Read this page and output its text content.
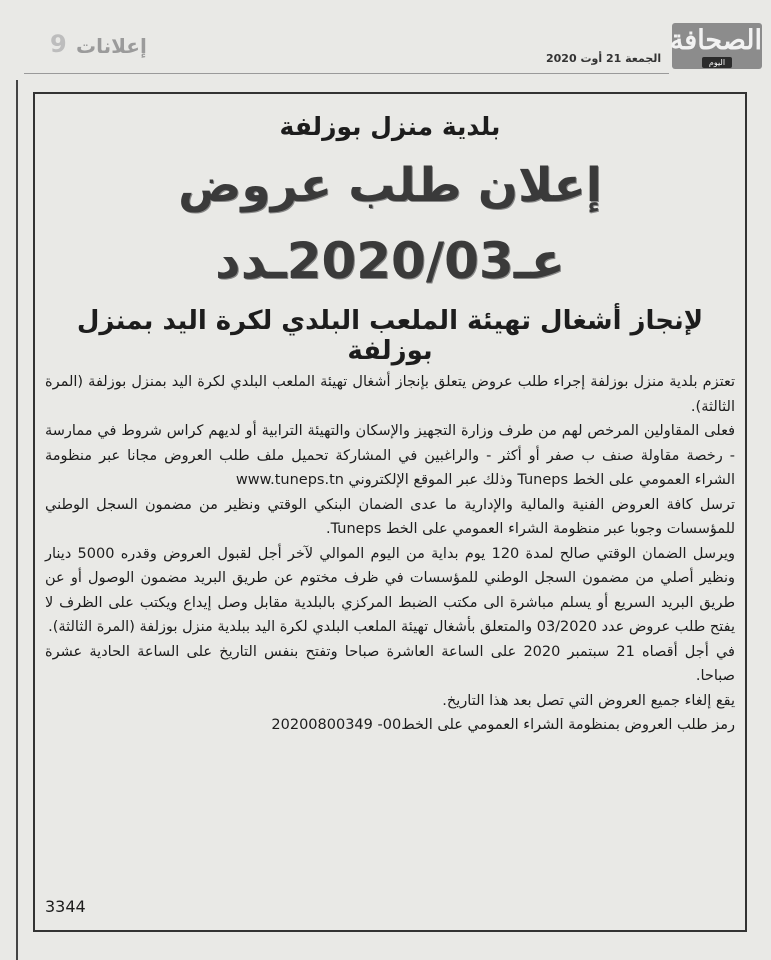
9 إعلانات
الجمعة 21 أوت 2020
الصحافة
اليوم
بلدية منزل بوزلفة
إعلان طلب عروض
عـ2020/03ـدد
لإنجاز أشغال تهيئة الملعب البلدي لكرة اليد بمنزل بوزلفة

تعتزم بلدية منزل بوزلفة إجراء طلب عروض يتعلق بإنجاز أشغال تهيئة الملعب البلدي لكرة اليد بمنزل بوزلفة (المرة الثالثة).

فعلى المقاولين المرخص لهم من طرف وزارة التجهيز والإسكان والتهيئة الترابية أو لديهم كراس شروط في ممارسة - رخصة مقاولة صنف ب صفر أو أكثر - والراغبين في المشاركة تحميل ملف طلب العروض مجانا عبر منظومة الشراء العمومي على الخط Tuneps وذلك عبر الموقع الإلكتروني www.tuneps.tn

ترسل كافة العروض الفنية والمالية والإدارية ما عدى الضمان البنكي الوقتي ونظير من مضمون السجل الوطني للمؤسسات وجوبا عبر منظومة الشراء العمومي على الخط Tuneps.

ويرسل الضمان الوقتي صالح لمدة 120 يوم بداية من اليوم الموالي لآخر أجل لقبول العروض وقدره 5000 دينار ونظير أصلي من مضمون السجل الوطني للمؤسسات في ظرف مختوم عن طريق البريد مضمون الوصول أو عن طريق البريد السريع أو يسلم مباشرة الى مكتب الضبط المركزي بالبلدية مقابل وصل إيداع ويكتب على الظرف لا يفتح طلب عروض عدد 03/2020 والمتعلق بأشغال تهيئة الملعب البلدي لكرة اليد ببلدية منزل بوزلفة (المرة الثالثة).

في أجل أقصاه 21 سبتمبر 2020 على الساعة العاشرة صباحا وتفتح بنفس التاريخ على الساعة الحادية عشرة صباحا.

يقع إلغاء جميع العروض التي تصل بعد هذا التاريخ.

رمز طلب العروض بمنظومة الشراء العمومي على الخط00- 20200800349

3344
